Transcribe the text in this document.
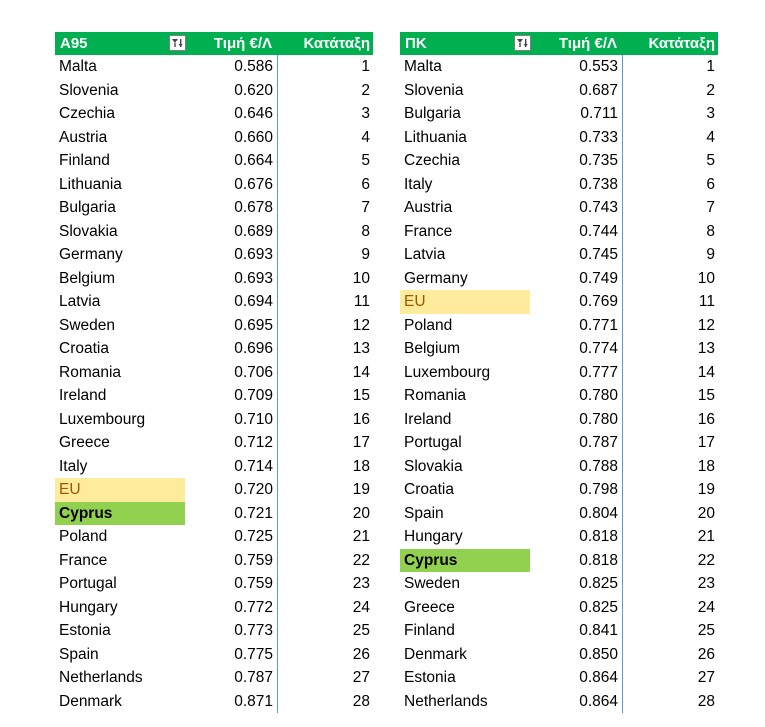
A95	Τιμή €/Λ	Κατάταξη
Malta	0.586	1
Slovenia	0.620	2
Czechia	0.646	3
Austria	0.660	4
Finland	0.664	5
Lithuania	0.676	6
Bulgaria	0.678	7
Slovakia	0.689	8
Germany	0.693	9
Belgium	0.693	10
Latvia	0.694	11
Sweden	0.695	12
Croatia	0.696	13
Romania	0.706	14
Ireland	0.709	15
Luxembourg	0.710	16
Greece	0.712	17
Italy	0.714	18
EU	0.720	19
Cyprus	0.721	20
Poland	0.725	21
France	0.759	22
Portugal	0.759	23
Hungary	0.772	24
Estonia	0.773	25
Spain	0.775	26
Netherlands	0.787	27
Denmark	0.871	28
ΠΚ	Τιμή €/Λ	Κατάταξη
Malta	0.553	1
Slovenia	0.687	2
Bulgaria	0.711	3
Lithuania	0.733	4
Czechia	0.735	5
Italy	0.738	6
Austria	0.743	7
France	0.744	8
Latvia	0.745	9
Germany	0.749	10
EU	0.769	11
Poland	0.771	12
Belgium	0.774	13
Luxembourg	0.777	14
Romania	0.780	15
Ireland	0.780	16
Portugal	0.787	17
Slovakia	0.788	18
Croatia	0.798	19
Spain	0.804	20
Hungary	0.818	21
Cyprus	0.818	22
Sweden	0.825	23
Greece	0.825	24
Finland	0.841	25
Denmark	0.850	26
Estonia	0.864	27
Netherlands	0.864	28
